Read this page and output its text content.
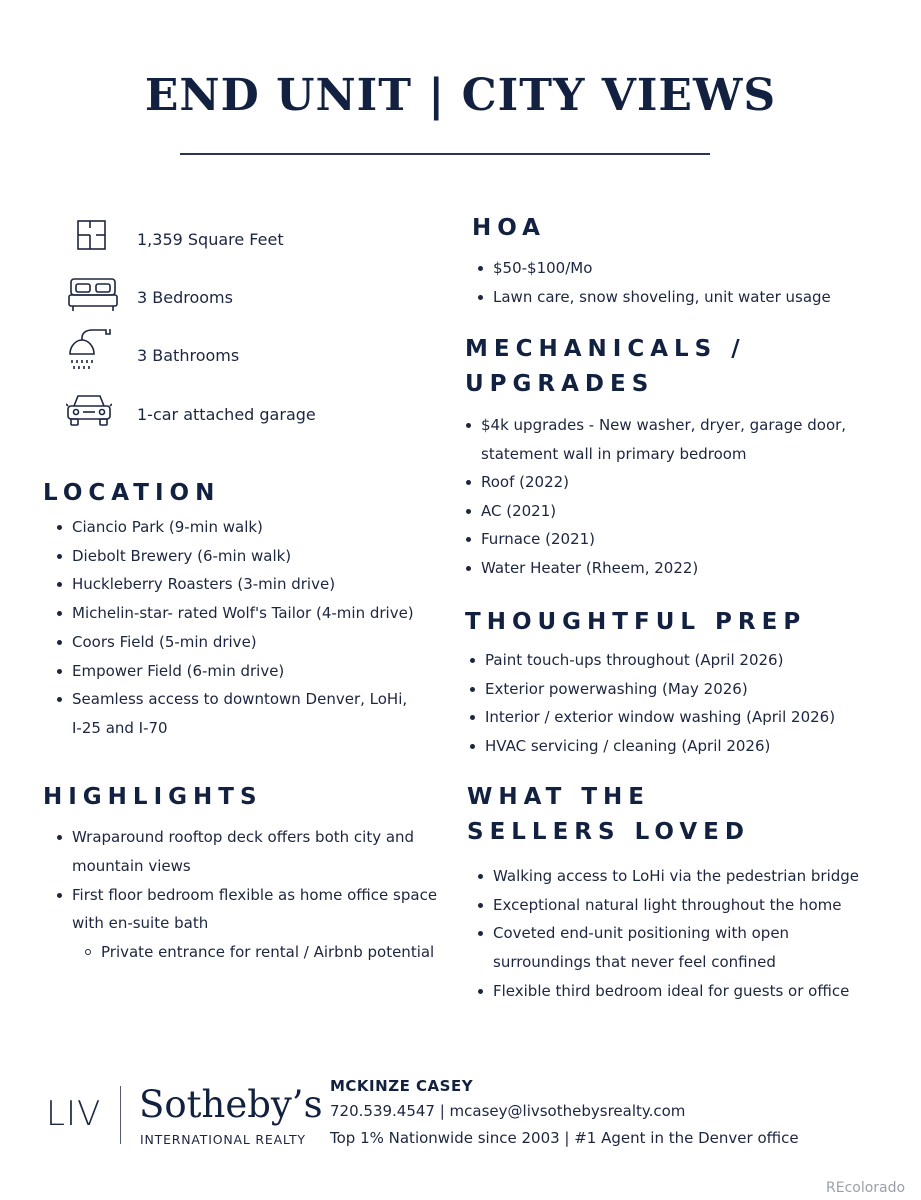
END UNIT | CITY VIEWS
1,359 Square Feet
3 Bedrooms
3 Bathrooms
1-car attached garage
LOCATION
Ciancio Park (9-min walk)
Diebolt Brewery (6-min walk)
Huckleberry Roasters (3-min drive)
Michelin-star- rated Wolf's Tailor (4-min drive)
Coors Field (5-min drive)
Empower Field (6-min drive)
Seamless access to downtown Denver, LoHi,
I-25 and I-70
HIGHLIGHTS
Wraparound rooftop deck offers both city and
mountain views
First floor bedroom flexible as home office space
with en-suite bath
Private entrance for rental / Airbnb potential
HOA
$50-$100/Mo
Lawn care, snow shoveling, unit water usage
MECHANICALS /
UPGRADES
$4k upgrades - New washer, dryer, garage door,
statement wall in primary bedroom
Roof (2022)
AC (2021)
Furnace (2021)
Water Heater (Rheem, 2022)
THOUGHTFUL PREP
Paint touch-ups throughout (April 2026)
Exterior powerwashing (May 2026)
Interior / exterior window washing (April 2026)
HVAC servicing / cleaning (April 2026)
WHAT THE
SELLERS LOVED
Walking access to LoHi via the pedestrian bridge
Exceptional natural light throughout the home
Coveted end-unit positioning with open
surroundings that never feel confined
Flexible third bedroom ideal for guests or office
LIV Sotheby’s
INTERNATIONAL REALTY
MCKINZE CASEY
720.539.4547 | mcasey@livsothebysrealty.com
Top 1% Nationwide since 2003 | #1 Agent in the Denver office
REcolorado
